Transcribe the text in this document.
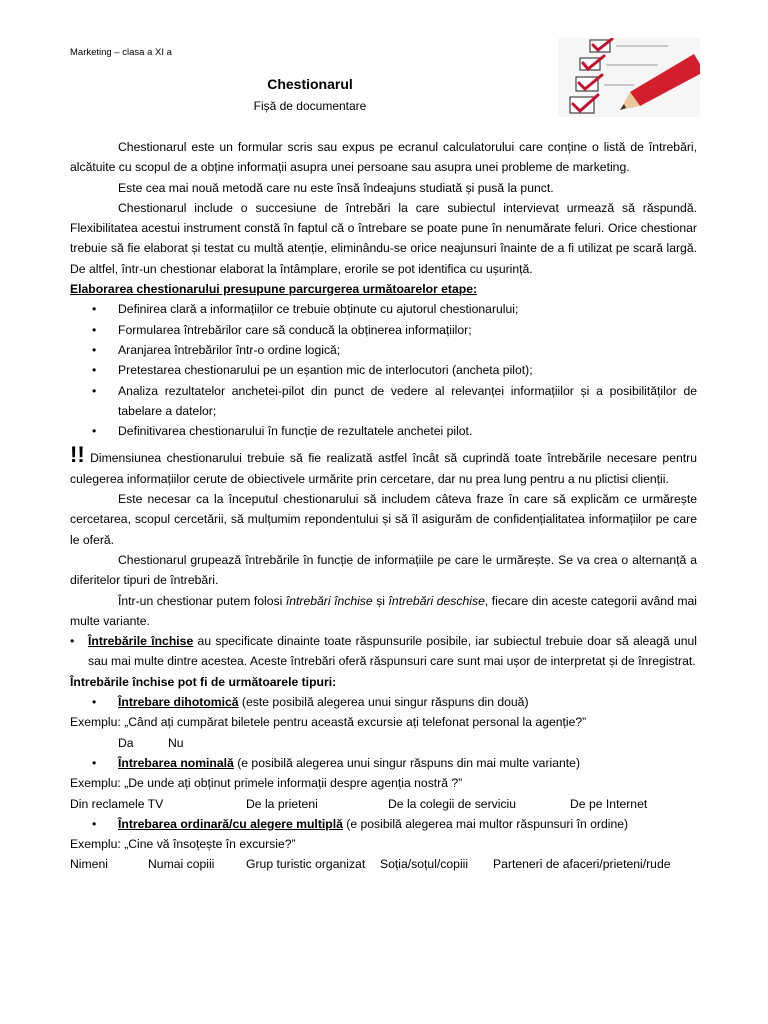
Marketing – clasa a XI a
Chestionarul
Fișă de documentare

Chestionarul este un formular scris sau expus pe ecranul calculatorului care conține o listă de întrebări, alcătuite cu scopul de a obține informații asupra unei persoane sau asupra unei probleme de marketing.

Este cea mai nouă metodă care nu este însă îndeajuns studiată și pusă la punct.

Chestionarul include o succesiune de întrebări la care subiectul intervievat urmează să răspundă. Flexibilitatea acestui instrument constă în faptul că o întrebare se poate pune în nenumărate feluri. Orice chestionar trebuie să fie elaborat și testat cu multă atenție, eliminându-se orice neajunsuri înainte de a fi utilizat pe scară largă. De altfel, într-un chestionar elaborat la întâmplare, erorile se pot identifica cu ușurință.

Elaborarea chestionarului presupune parcurgerea următoarelor etape:

• Definirea clară a informațiilor ce trebuie obținute cu ajutorul chestionarului;

• Formularea întrebărilor care să conducă la obținerea informațiilor;

• Aranjarea întrebărilor într-o ordine logică;

• Pretestarea chestionarului pe un eșantion mic de interlocutori (ancheta pilot);

• Analiza rezultatelor anchetei-pilot din punct de vedere al relevanței informațiilor și a posibilităților de tabelare a datelor;

• Definitivarea chestionarului în funcție de rezultatele anchetei pilot.

!! Dimensiunea chestionarului trebuie să fie realizată astfel încât să cuprindă toate întrebările necesare pentru culegerea informațiilor cerute de obiectivele urmărite prin cercetare, dar nu prea lung pentru a nu plictisi clienții.

Este necesar ca la începutul chestionarului să includem câteva fraze în care să explicăm ce urmărește cercetarea, scopul cercetării, să mulțumim repondentului și să îl asigurăm de confidențialitatea informațiilor pe care le oferă.

Chestionarul grupează întrebările în funcție de informațiile pe care le urmărește. Se va crea o alternanță a diferitelor tipuri de întrebări.

Într-un chestionar putem folosi întrebări închise și întrebări deschise, fiecare din aceste categorii având mai multe variante.

• Întrebările închise au specificate dinainte toate răspunsurile posibile, iar subiectul trebuie doar să aleagă unul sau mai multe dintre acestea. Aceste întrebări oferă răspunsuri care sunt mai ușor de interpretat și de înregistrat.

Întrebările închise pot fi de următoarele tipuri:

• Întrebare dihotomică (este posibilă alegerea unui singur răspuns din două)

Exemplu: „Când ați cumpărat biletele pentru această excursie ați telefonat personal la agenție?”

Da	Nu

• Întrebarea nominală (e posibilă alegerea unui singur răspuns din mai multe variante)

Exemplu: „De unde ați obținut primele informații despre agenția nostră ?”

Din reclamele TV	De la prieteni	De la colegii de serviciu	De pe Internet

• Întrebarea ordinară/cu alegere multiplă (e posibilă alegerea mai multor răspunsuri în ordine)

Exemplu: „Cine vă însoțește în excursie?”

Nimeni	Numai copiii	Grup turistic organizat	Soția/soțul/copiii	Parteneri de afaceri/prieteni/rude
